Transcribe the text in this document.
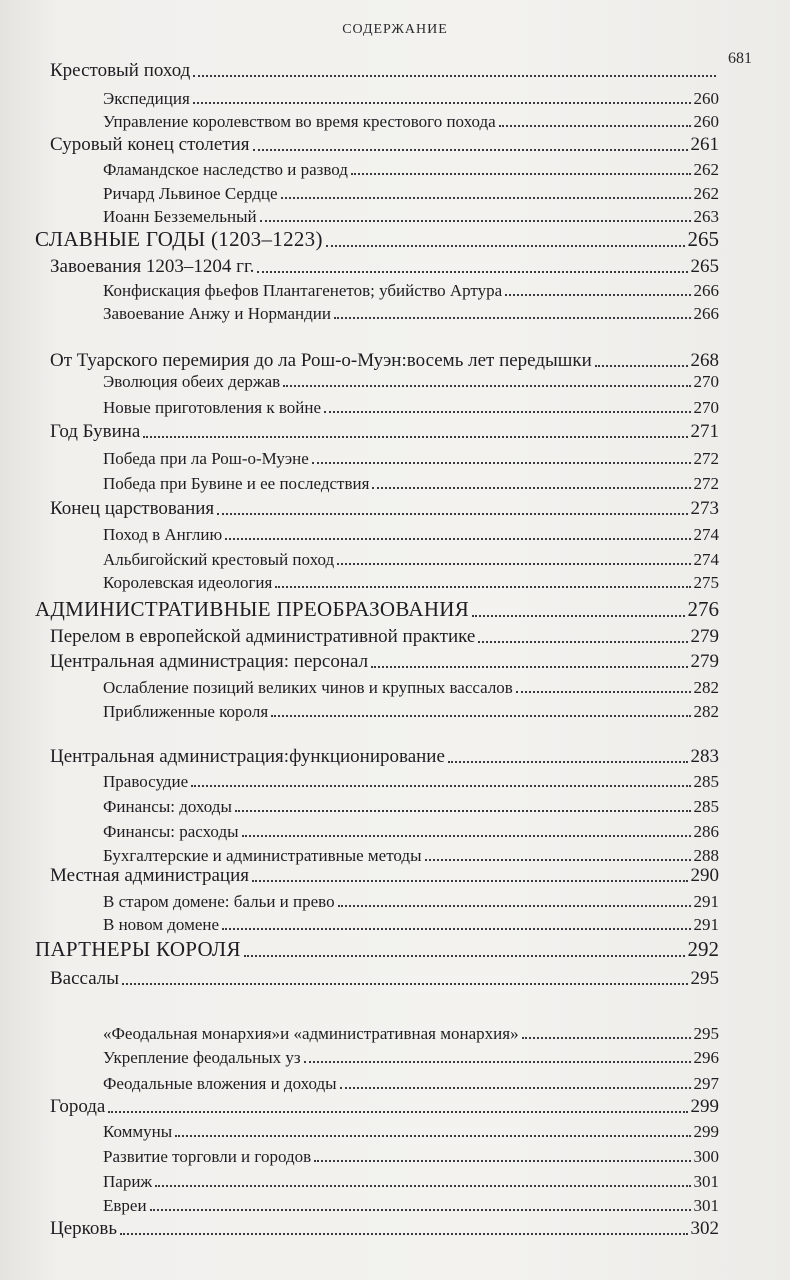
СОДЕРЖАНИЕ
681
Крестовый поход
Экспедиция	260
Управление королевством во время крестового похода	260
Суровый конец столетия	261
Фламандское наследство и развод	262
Ричард Львиное Сердце	262
Иоанн Безземельный	263
СЛАВНЫЕ ГОДЫ (1203–1223)	265
Завоевания 1203–1204 гг.	265
Конфискация фьефов Плантагенетов; убийство Артура	266
Завоевание Анжу и Нормандии	266
От Туарского перемирия до ла Рош-о-Муэн:восемь лет передышки	268
Эволюция обеих держав	270
Новые приготовления к войне	270
Год Бувина	271
Победа при ла Рош-о-Муэне	272
Победа при Бувине и ее последствия	272
Конец царствования	273
Поход в Англию	274
Альбигойский крестовый поход	274
Королевская идеология	275
АДМИНИСТРАТИВНЫЕ ПРЕОБРАЗОВАНИЯ	276
Перелом в европейской административной практике	279
Центральная администрация: персонал	279
Ослабление позиций великих чинов и крупных вассалов	282
Приближенные короля	282
Центральная администрация:функционирование	283
Правосудие	285
Финансы: доходы	285
Финансы: расходы	286
Бухгалтерские и административные методы	288
Местная администрация	290
В старом домене: бальи и прево	291
В новом домене	291
ПАРТНЕРЫ КОРОЛЯ	292
Вассалы	295
«Феодальная монархия»и «административная монархия»	295
Укрепление феодальных уз	296
Феодальные вложения и доходы	297
Города	299
Коммуны	299
Развитие торговли и городов	300
Париж	301
Евреи	301
Церковь	302
